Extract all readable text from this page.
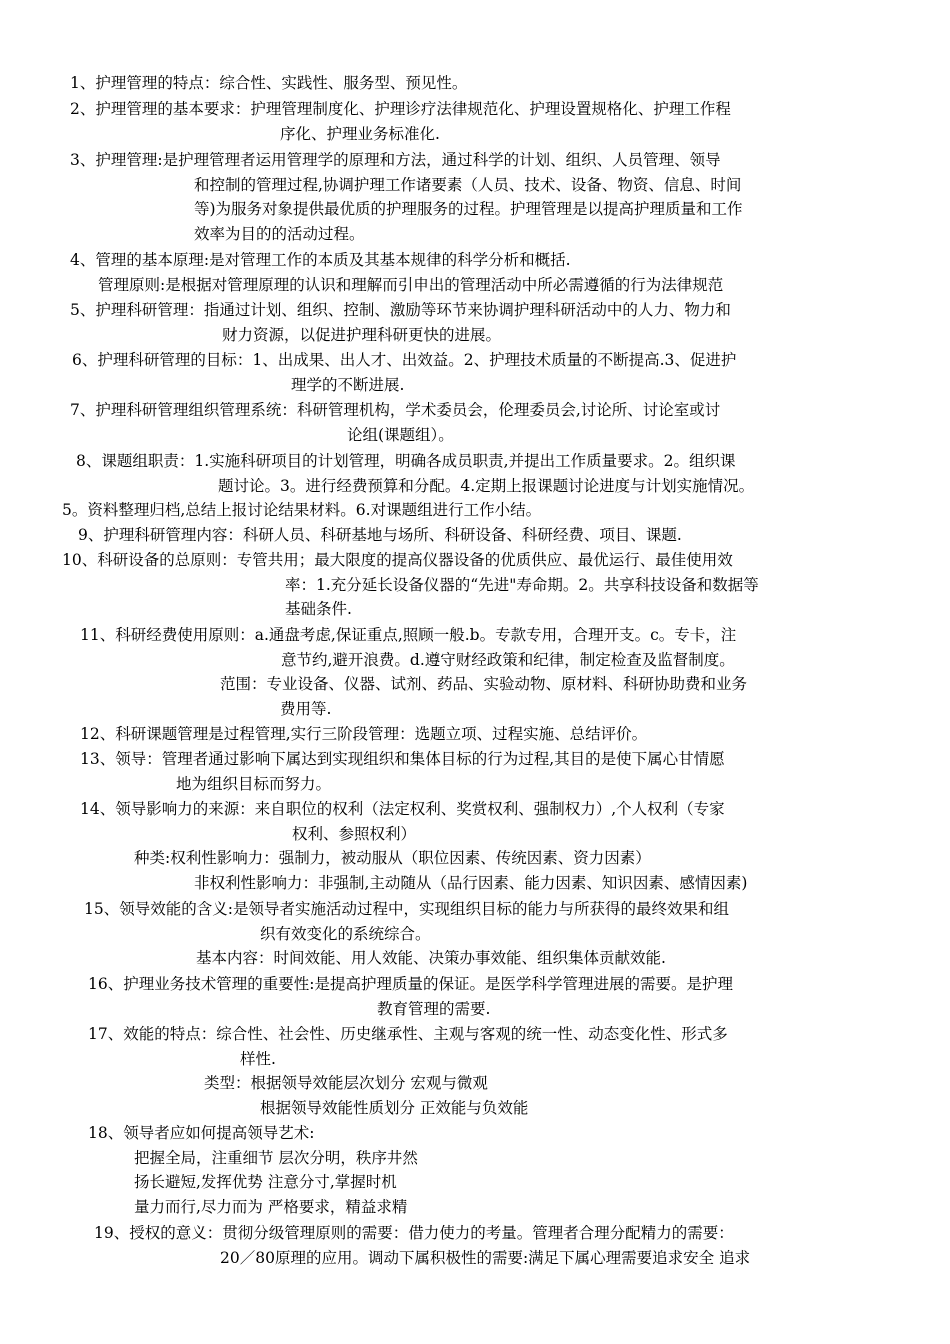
1、护理管理的特点：综合性、实践性、服务型、预见性。
2、护理管理的基本要求：护理管理制度化、护理诊疗法律规范化、护理设置规格化、护理工作程
序化、护理业务标准化.
3、护理管理:是护理管理者运用管理学的原理和方法，通过科学的计划、组织、人员管理、领导
和控制的管理过程,协调护理工作诸要素（人员、技术、设备、物资、信息、时间
等)为服务对象提供最优质的护理服务的过程。护理管理是以提高护理质量和工作
效率为目的的活动过程。
4、管理的基本原理:是对管理工作的本质及其基本规律的科学分析和概括.
管理原则:是根据对管理原理的认识和理解而引申出的管理活动中所必需遵循的行为法律规范
5、护理科研管理：指通过计划、组织、控制、激励等环节来协调护理科研活动中的人力、物力和
财力资源，以促进护理科研更快的进展。
6、护理科研管理的目标：1、出成果、出人才、出效益。2、护理技术质量的不断提高.3、促进护
理学的不断进展.
7、护理科研管理组织管理系统：科研管理机构，学术委员会，伦理委员会,讨论所、讨论室或讨
论组(课题组）。
8、课题组职责：1.实施科研项目的计划管理，明确各成员职责,并提出工作质量要求。2。组织课
题讨论。3。进行经费预算和分配。4.定期上报课题讨论进度与计划实施情况。
5。资料整理归档,总结上报讨论结果材料。6.对课题组进行工作小结。
9、护理科研管理内容：科研人员、科研基地与场所、科研设备、科研经费、项目、课题.
10、科研设备的总原则：专管共用；最大限度的提高仪器设备的优质供应、最优运行、最佳使用效
率：1.充分延长设备仪器的“先进"寿命期。2。共享科技设备和数据等
基础条件.
11、科研经费使用原则：a.通盘考虑,保证重点,照顾一般.b。专款专用，合理开支。c。专卡，注
意节约,避开浪费。d.遵守财经政策和纪律，制定检查及监督制度。
范围：专业设备、仪器、试剂、药品、实验动物、原材料、科研协助费和业务
费用等.
12、科研课题管理是过程管理,实行三阶段管理：选题立项、过程实施、总结评价。
13、领导：管理者通过影响下属达到实现组织和集体目标的行为过程,其目的是使下属心甘情愿
地为组织目标而努力。
14、领导影响力的来源：来自职位的权利（法定权利、奖赏权利、强制权力）,个人权利（专家
权利、参照权利）
种类:权利性影响力：强制力，被动服从（职位因素、传统因素、资力因素）
非权利性影响力：非强制,主动随从（品行因素、能力因素、知识因素、感情因素)
15、领导效能的含义:是领导者实施活动过程中，实现组织目标的能力与所获得的最终效果和组
织有效变化的系统综合。
基本内容：时间效能、用人效能、决策办事效能、组织集体贡献效能.
16、护理业务技术管理的重要性:是提高护理质量的保证。是医学科学管理进展的需要。是护理
教育管理的需要.
17、效能的特点：综合性、社会性、历史继承性、主观与客观的统一性、动态变化性、形式多
样性.
类型：根据领导效能层次划分 宏观与微观
根据领导效能性质划分 正效能与负效能
18、领导者应如何提高领导艺术:
把握全局，注重细节 层次分明，秩序井然
扬长避短,发挥优势 注意分寸,掌握时机
量力而行,尽力而为 严格要求，精益求精
19、授权的意义：贯彻分级管理原则的需要：借力使力的考量。管理者合理分配精力的需要：
20／80原理的应用。调动下属积极性的需要:满足下属心理需要追求安全 追求
